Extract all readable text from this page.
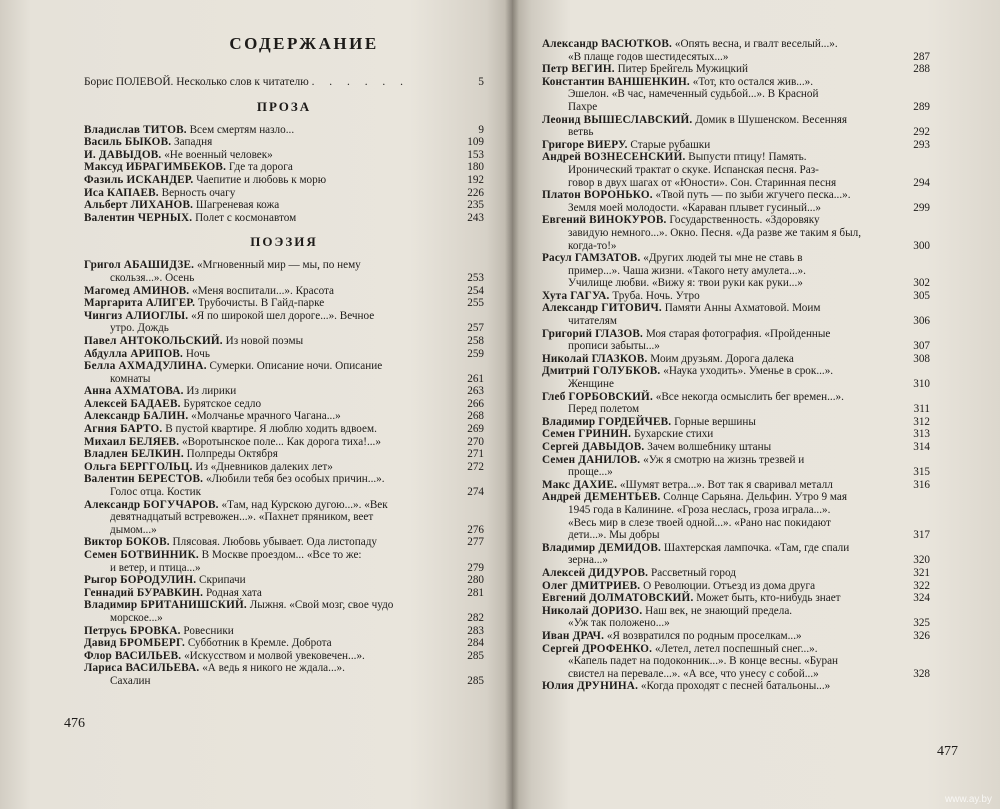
СОДЕРЖАНИЕ
Борис ПОЛЕВОЙ. Несколько слов к читателю . . . . . .	5
ПРОЗА
Владислав ТИТОВ. Всем смертям назло...	9
Василь БЫКОВ. Западня	109
И. ДАВЫДОВ. «Не военный человек»	153
Максуд ИБРАГИМБЕКОВ. Где та дорога	180
Фазиль ИСКАНДЕР. Чаепитие и любовь к морю	192
Иса КАПАЕВ. Верность очагу	226
Альберт ЛИХАНОВ. Шагреневая кожа	235
Валентин ЧЕРНЫХ. Полет с космонавтом	243
ПОЭЗИЯ
Григол АБАШИДЗЕ. «Мгновенный мир — мы, по нему
скользя...». Осень	253
Магомед АМИНОВ. «Меня воспитали...». Красота	254
Маргарита АЛИГЕР. Трубочисты. В Гайд-парке	255
Чингиз АЛИОГЛЫ. «Я по широкой шел дороге...». Вечное
утро. Дождь	257
Павел АНТОКОЛЬСКИЙ. Из новой поэмы	258
Абдулла АРИПОВ. Ночь	259
Белла АХМАДУЛИНА. Сумерки. Описание ночи. Описание
комнаты	261
Анна АХМАТОВА. Из лирики	263
Алексей БАДАЕВ. Бурятское седло	266
Александр БАЛИН. «Молчанье мрачного Чагана...»	268
Агния БАРТО. В пустой квартире. Я люблю ходить вдвоем.	269
Михаил БЕЛЯЕВ. «Воротынское поле... Как дорога тиха!...»	270
Владлен БЕЛКИН. Полпреды Октября	271
Ольга БЕРГГОЛЬЦ. Из «Дневников далеких лет»	272
Валентин БЕРЕСТОВ. «Любили тебя без особых причин...».
Голос отца. Костик	274
Александр БОГУЧАРОВ. «Там, над Курскою дугою...». «Век
девятнадцатый встревожен...». «Пахнет пряником, веет
дымом...»	276
Виктор БОКОВ. Плясовая. Любовь убывает. Ода листопаду	277
Семен БОТВИННИК. В Москве проездом... «Все то же:
и ветер, и птица...»	279
Рыгор БОРОДУЛИН. Скрипачи	280
Геннадий БУРАВКИН. Родная хата	281
Владимир БРИТАНИШСКИЙ. Лыжня. «Свой мозг, свое чудо
морское...»	282
Петрусь БРОВКА. Ровесники	283
Давид БРОМБЕРГ. Субботник в Кремле. Доброта	284
Флор ВАСИЛЬЕВ. «Искусством и молвой увековечен...».	285
Лариса ВАСИЛЬЕВА. «А ведь я никого не ждала...».
Сахалин	285
476
Александр ВАСЮТКОВ. «Опять весна, и гвалт веселый...».
«В плаще годов шестидесятых...»	287
Петр ВЕГИН. Питер Брейгель Мужицкий	288
Константин ВАНШЕНКИН. «Тот, кто остался жив...».
Эшелон. «В час, намеченный судьбой...». В Красной
Пахре	289
Леонид ВЫШЕСЛАВСКИЙ. Домик в Шушенском. Весенняя
ветвь	292
Григоре ВИЕРУ. Старые рубашки	293
Андрей ВОЗНЕСЕНСКИЙ. Выпусти птицу! Память.
Иронический трактат о скуке. Испанская песня. Раз-
говор в двух шагах от «Юности». Сон. Старинная песня	294
Платон ВОРОНЬКО. «Твой путь — по зыби жгучего песка...».
Земля моей молодости. «Караван плывет гусиный...»	299
Евгений ВИНОКУРОВ. Государственность. «Здоровяку
завидую немного...». Окно. Песня. «Да разве же таким я был,
когда-то!»	300
Расул ГАМЗАТОВ. «Других людей ты мне не ставь в
пример...». Чаша жизни. «Такого нету амулета...».
Училище любви. «Вижу я: твои руки как руки...»	302
Хута ГАГУА. Труба. Ночь. Утро	305
Александр ГИТОВИЧ. Памяти Анны Ахматовой. Моим
читателям	306
Григорий ГЛАЗОВ. Моя старая фотография. «Пройденные
прописи забыты...»	307
Николай ГЛАЗКОВ. Моим друзьям. Дорога далека	308
Дмитрий ГОЛУБКОВ. «Наука уходить». Уменье в срок...».
Женщине	310
Глеб ГОРБОВСКИЙ. «Все некогда осмыслить бег времен...».
Перед полетом	311
Владимир ГОРДЕЙЧЕВ. Горные вершины	312
Семен ГРИНИН. Бухарские стихи	313
Сергей ДАВЫДОВ. Зачем волшебнику штаны	314
Семен ДАНИЛОВ. «Уж я смотрю на жизнь трезвей и
проще...»	315
Макс ДАХИЕ. «Шумят ветра...». Вот так я сваривал металл	316
Андрей ДЕМЕНТЬЕВ. Солнце Сарьяна. Дельфин. Утро 9 мая
1945 года в Калинине. «Гроза неслась, гроза играла...».
«Весь мир в слезе твоей одной...». «Рано нас покидают
дети...». Мы добры	317
Владимир ДЕМИДОВ. Шахтерская лампочка. «Там, где спали
зерна...»	320
Алексей ДИДУРОВ. Рассветный город	321
Олег ДМИТРИЕВ. О Революции. Отъезд из дома друга	322
Евгений ДОЛМАТОВСКИЙ. Может быть, кто-нибудь знает	324
Николай ДОРИЗО. Наш век, не знающий предела.
«Уж так положено...»	325
Иван ДРАЧ. «Я возвратился по родным проселкам...»	326
Сергей ДРОФЕНКО. «Летел, летел поспешный снег...».
«Капель падет на подоконник...». В конце весны. «Буран
свистел на перевале...». «А все, что унесу с собой...»	328
Юлия ДРУНИНА. «Когда проходят с песней батальоны...»
477
www.ay.by
